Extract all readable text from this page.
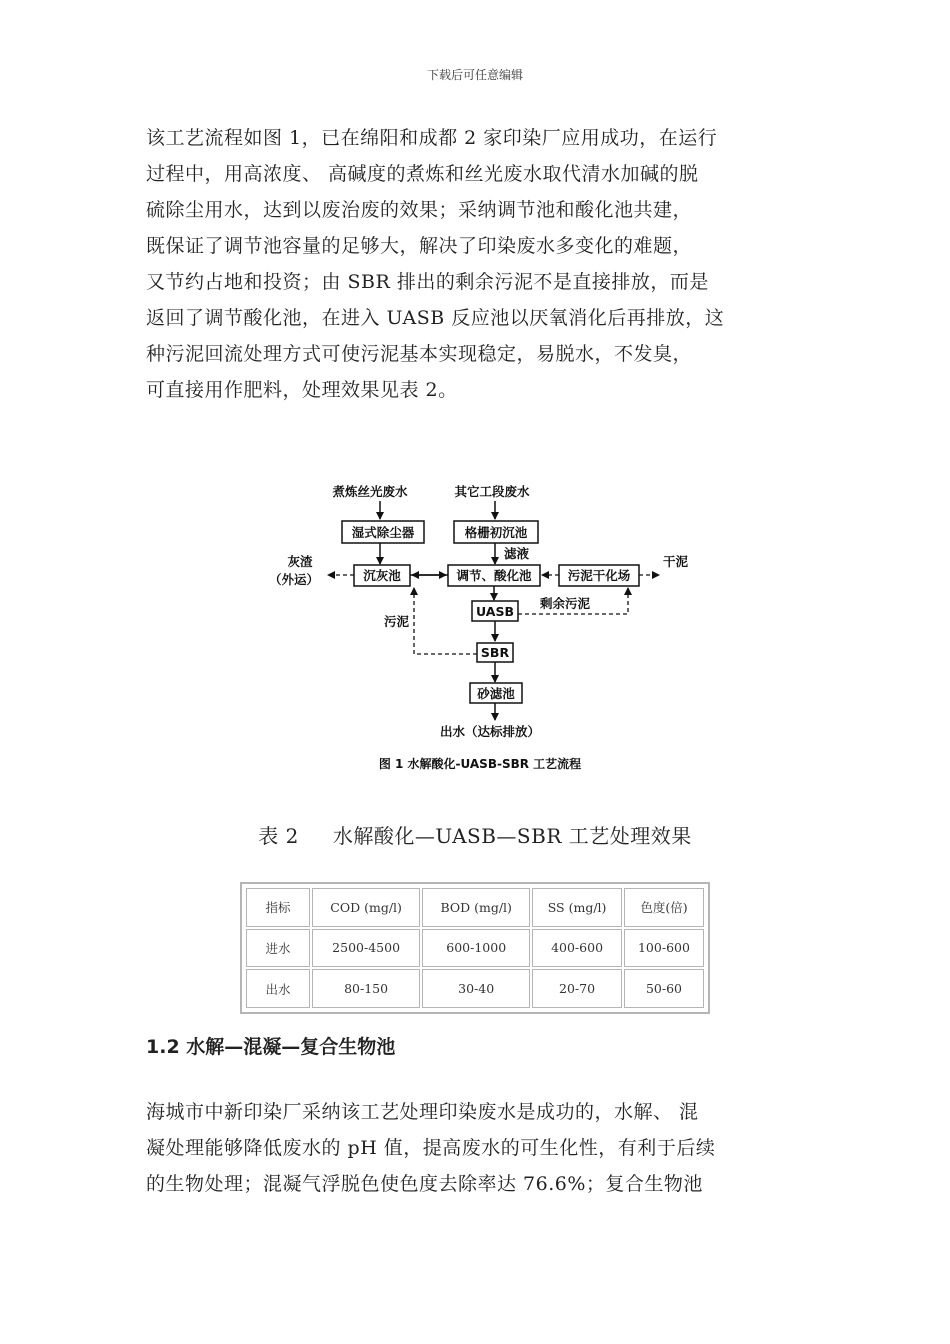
下载后可任意编辑
该工艺流程如图 1，已在绵阳和成都 2 家印染厂应用成功，在运行
过程中，用高浓度、 高碱度的煮炼和丝光废水取代清水加碱的脱
硫除尘用水，达到以废治废的效果；采纳调节池和酸化池共建，
既保证了调节池容量的足够大，解决了印染废水多变化的难题，
又节约占地和投资；由 SBR 排出的剩余污泥不是直接排放，而是
返回了调节酸化池，在进入 UASB 反应池以厌氧消化后再排放，这
种污泥回流处理方式可使污泥基本实现稳定，易脱水，不发臭，
可直接用作肥料，处理效果见表 2。
煮炼丝光废水	其它工段废水
湿式除尘器	格栅初沉池
滤液
沉灰池	调节、酸化池	污泥干化场
灰渣
（外运）
干泥
UASB
剩余污泥
SBR
污泥
砂滤池
出水（达标排放）
图 1 水解酸化-UASB-SBR 工艺流程
表 2 水解酸化—UASB—SBR 工艺处理效果
指标	COD (mg/l)	BOD (mg/l)	SS (mg/l)	色度(倍)
进水	2500-4500	600-1000	400-600	100-600
出水	80-150	30-40	20-70	50-60
1.2 水解—混凝—复合生物池
海城市中新印染厂采纳该工艺处理印染废水是成功的，水解、 混
凝处理能够降低废水的 pH 值，提高废水的可生化性，有利于后续
的生物处理；混凝气浮脱色使色度去除率达 76.6%；复合生物池
